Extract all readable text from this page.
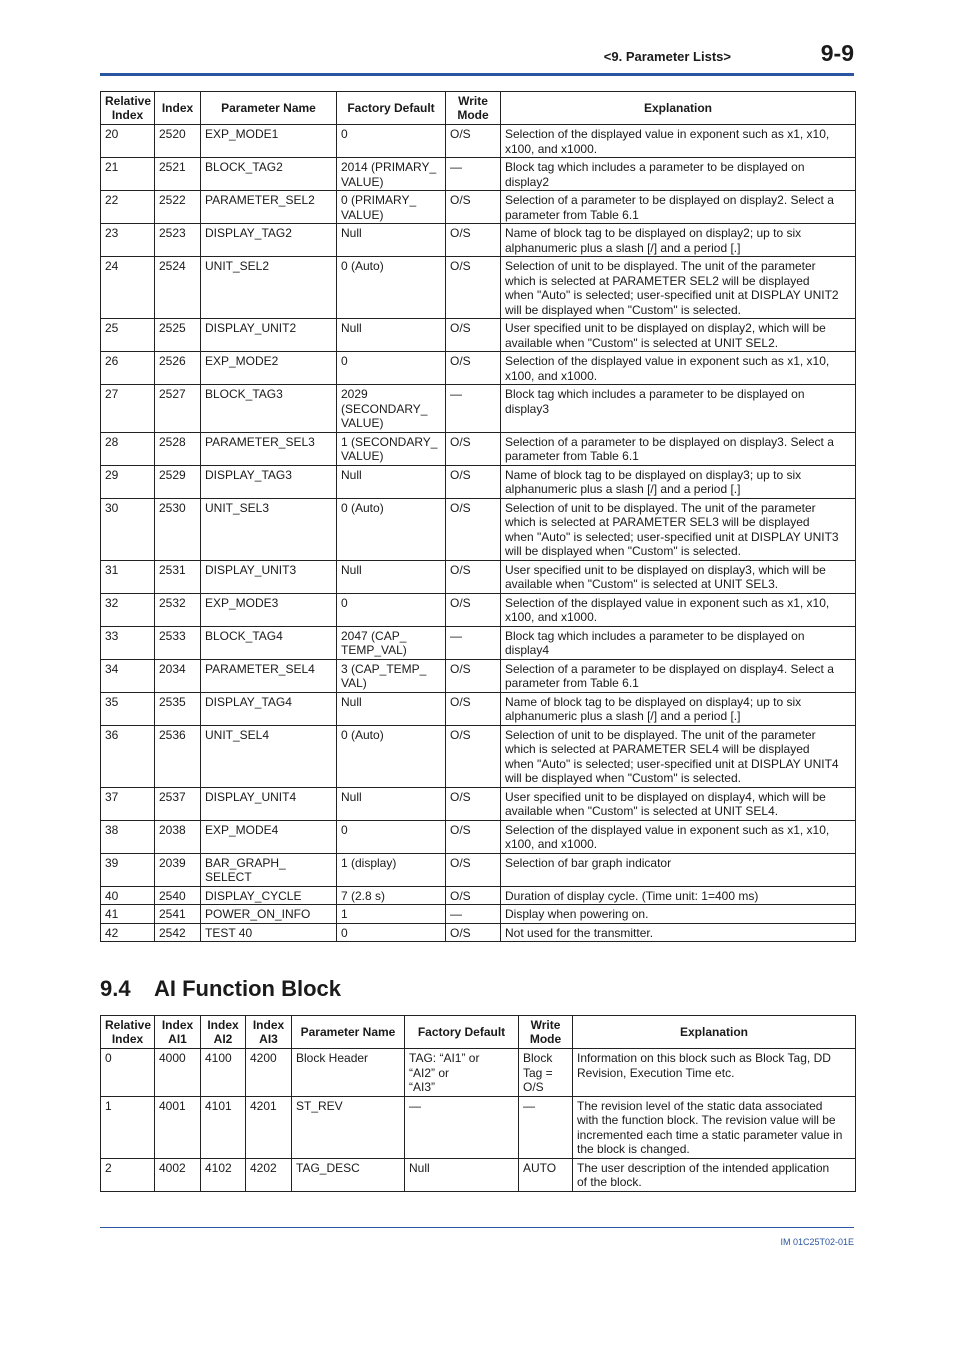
<9. Parameter Lists>	9-9
Relative Index	Index	Parameter Name	Factory Default	Write Mode	Explanation
20	2520	EXP_MODE1	0	O/S	Selection of the displayed value in exponent such as x1, x10,
x100, and x1000.
21	2521	BLOCK_TAG2	2014 (PRIMARY_
VALUE)	—	Block tag which includes a parameter to be displayed on
display2
22	2522	PARAMETER_SEL2	0 (PRIMARY_
VALUE)	O/S	Selection of a parameter to be displayed on display2. Select a
parameter from Table 6.1
23	2523	DISPLAY_TAG2	Null	O/S	Name of block tag to be displayed on display2; up to six
alphanumeric plus a slash [/] and a period [.]
24	2524	UNIT_SEL2	0 (Auto)	O/S	Selection of unit to be displayed. The unit of the parameter
which is selected at PARAMETER SEL2 will be displayed
when "Auto" is selected; user-specified unit at DISPLAY UNIT2
will be displayed when "Custom" is selected.
25	2525	DISPLAY_UNIT2	Null	O/S	User specified unit to be displayed on display2, which will be
available when "Custom" is selected at UNIT SEL2.
26	2526	EXP_MODE2	0	O/S	Selection of the displayed value in exponent such as x1, x10,
x100, and x1000.
27	2527	BLOCK_TAG3	2029
(SECONDARY_
VALUE)	—	Block tag which includes a parameter to be displayed on
display3
28	2528	PARAMETER_SEL3	1 (SECONDARY_
VALUE)	O/S	Selection of a parameter to be displayed on display3. Select a
parameter from Table 6.1
29	2529	DISPLAY_TAG3	Null	O/S	Name of block tag to be displayed on display3; up to six
alphanumeric plus a slash [/] and a period [.]
30	2530	UNIT_SEL3	0 (Auto)	O/S	Selection of unit to be displayed. The unit of the parameter
which is selected at PARAMETER SEL3 will be displayed
when "Auto" is selected; user-specified unit at DISPLAY UNIT3
will be displayed when "Custom" is selected.
31	2531	DISPLAY_UNIT3	Null	O/S	User specified unit to be displayed on display3, which will be
available when "Custom" is selected at UNIT SEL3.
32	2532	EXP_MODE3	0	O/S	Selection of the displayed value in exponent such as x1, x10,
x100, and x1000.
33	2533	BLOCK_TAG4	2047 (CAP_
TEMP_VAL)	—	Block tag which includes a parameter to be displayed on
display4
34	2034	PARAMETER_SEL4	3 (CAP_TEMP_
VAL)	O/S	Selection of a parameter to be displayed on display4. Select a
parameter from Table 6.1
35	2535	DISPLAY_TAG4	Null	O/S	Name of block tag to be displayed on display4; up to six
alphanumeric plus a slash [/] and a period [.]
36	2536	UNIT_SEL4	0 (Auto)	O/S	Selection of unit to be displayed. The unit of the parameter
which is selected at PARAMETER SEL4 will be displayed
when "Auto" is selected; user-specified unit at DISPLAY UNIT4
will be displayed when "Custom" is selected.
37	2537	DISPLAY_UNIT4	Null	O/S	User specified unit to be displayed on display4, which will be
available when "Custom" is selected at UNIT SEL4.
38	2038	EXP_MODE4	0	O/S	Selection of the displayed value in exponent such as x1, x10,
x100, and x1000.
39	2039	BAR_GRAPH_
SELECT	1 (display)	O/S	Selection of bar graph indicator
40	2540	DISPLAY_CYCLE	7 (2.8 s)	O/S	Duration of display cycle. (Time unit: 1=400 ms)
41	2541	POWER_ON_INFO	1	—	Display when powering on.
42	2542	TEST 40	0	O/S	Not used for the transmitter.
9.4 AI Function Block
Relative Index	Index AI1	Index AI2	Index AI3	Parameter Name	Factory Default	Write Mode	Explanation
0	4000	4100	4200	Block Header	TAG: “AI1” or
“AI2” or
“AI3”	Block
Tag =
O/S	Information on this block such as Block Tag, DD
Revision, Execution Time etc.
1	4001	4101	4201	ST_REV	—	—	The revision level of the static data associated
with the function block. The revision value will be
incremented each time a static parameter value in
the block is changed.
2	4002	4102	4202	TAG_DESC	Null	AUTO	The user description of the intended application
of the block.
IM 01C25T02-01E
